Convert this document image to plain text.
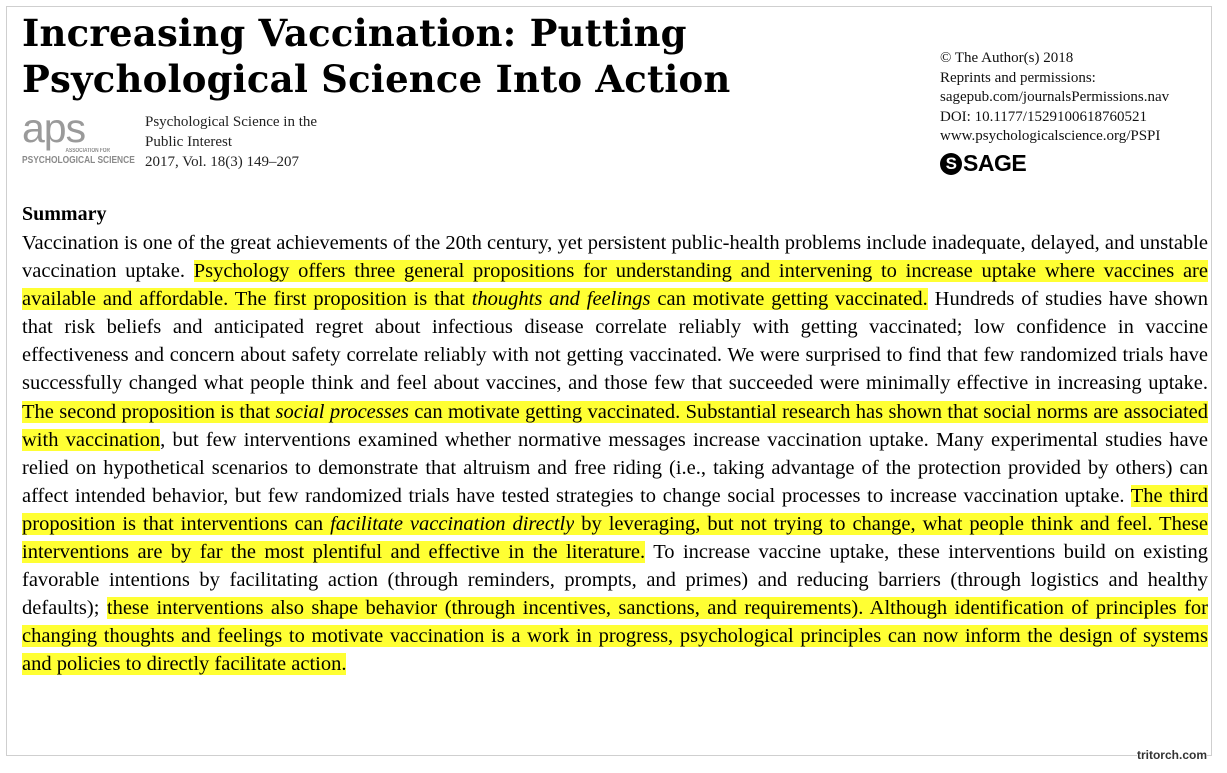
Increasing Vaccination: Putting
Psychological Science Into Action
aps
ASSOCIATION FOR
PSYCHOLOGICAL SCIENCE
Psychological Science in the
Public Interest
2017, Vol. 18(3) 149–207
© The Author(s) 2018
Reprints and permissions:
sagepub.com/journalsPermissions.nav
DOI: 10.1177/1529100618760521
www.psychologicalscience.org/PSPI
S SAGE
Summary

Vaccination is one of the great achievements of the 20th century, yet persistent public-health problems include inadequate, delayed, and unstable vaccination uptake. Psychology offers three general propositions for understanding and intervening to increase uptake where vaccines are available and affordable. The first proposition is that thoughts and feelings can motivate getting vaccinated. Hundreds of studies have shown that risk beliefs and anticipated regret about infectious disease correlate reliably with getting vaccinated; low confidence in vaccine effectiveness and concern about safety correlate reliably with not getting vaccinated. We were surprised to find that few randomized trials have successfully changed what people think and feel about vaccines, and those few that succeeded were minimally effective in increasing uptake. The second proposition is that social processes can motivate getting vaccinated. Substantial research has shown that social norms are associated with vaccination, but few interventions examined whether normative messages increase vaccination uptake. Many experimental studies have relied on hypothetical scenarios to demonstrate that altruism and free riding (i.e., taking advantage of the protection provided by others) can affect intended behavior, but few randomized trials have tested strategies to change social processes to increase vaccination uptake. The third proposition is that interventions can facilitate vaccination directly by leveraging, but not trying to change, what people think and feel. These interventions are by far the most plentiful and effective in the literature. To increase vaccine uptake, these interventions build on existing favorable intentions by facilitating action (through reminders, prompts, and primes) and reducing barriers (through logistics and healthy defaults); these interventions also shape behavior (through incentives, sanctions, and requirements). Although identification of principles for changing thoughts and feelings to motivate vaccination is a work in progress, psychological principles can now inform the design of systems and policies to directly facilitate action.

tritorch.com
